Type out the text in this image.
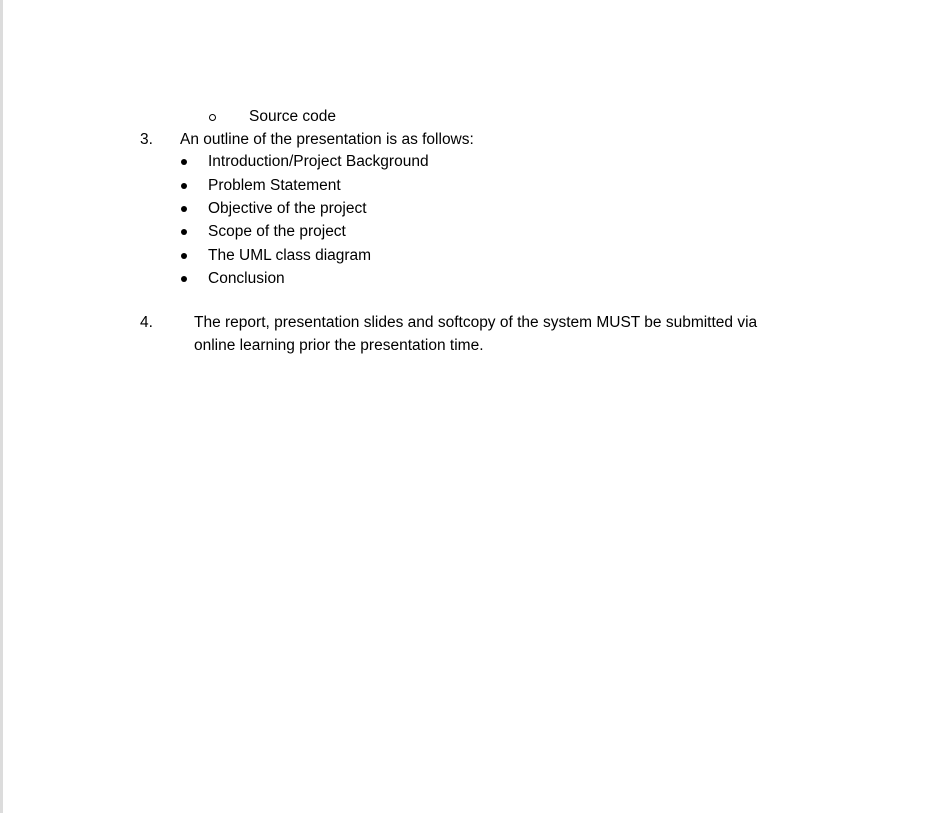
Source code
3. An outline of the presentation is as follows:
Introduction/Project Background
Problem Statement
Objective of the project
Scope of the project
The UML class diagram
Conclusion
4.	The report, presentation slides and softcopy of the system MUST be submitted via
online learning prior the presentation time.
